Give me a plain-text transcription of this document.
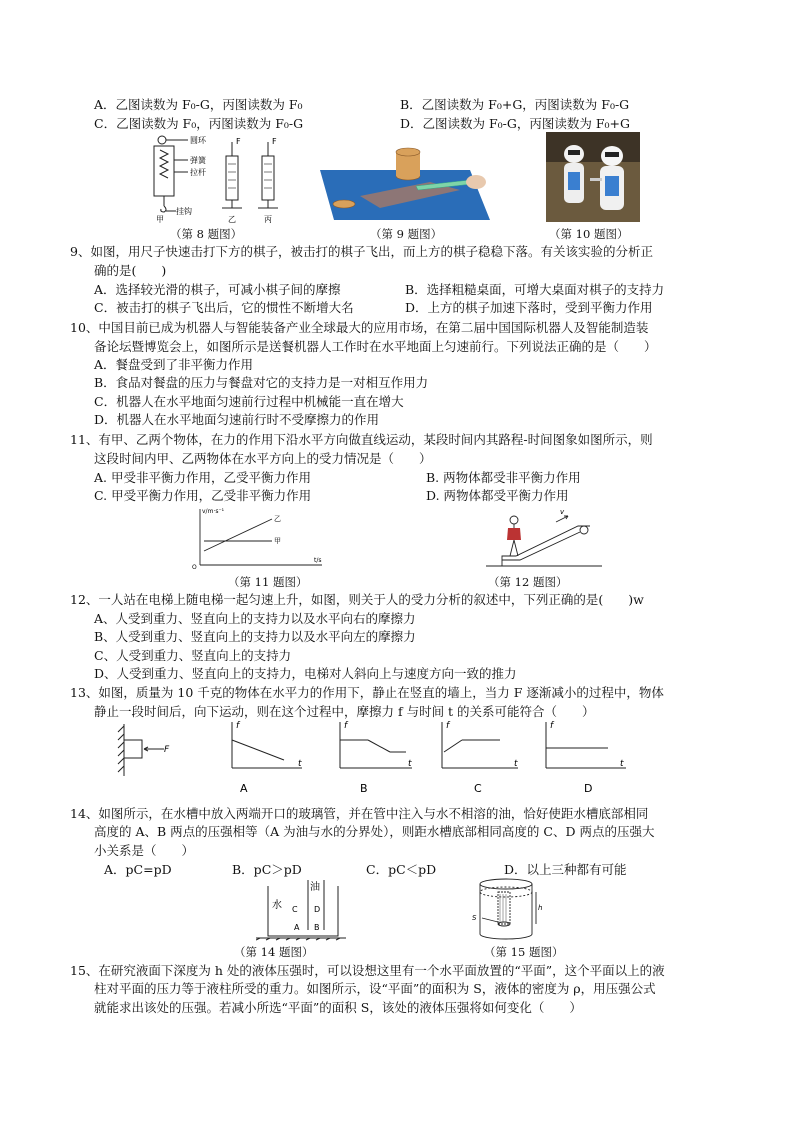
A．乙图读数为 F₀-G，丙图读数为 F₀	B．乙图读数为 F₀+G，丙图读数为 F₀-G
C．乙图读数为 F₀，丙图读数为 F₀-G	D．乙图读数为 F₀-G，丙图读数为 F₀+G
圆环
弹簧
拉杆
挂钩
甲	乙	丙
F	F
（第 8 题图）	（第 9 题图）	（第 10 题图）
9、如图，用尺子快速击打下方的棋子，被击打的棋子飞出，而上方的棋子稳稳下落。有关该实验的分析正
确的是(　　)
A．选择较光滑的棋子，可减小棋子间的摩擦	B．选择粗糙桌面，可增大桌面对棋子的支持力
C．被击打的棋子飞出后，它的惯性不断增大名	D．上方的棋子加速下落时，受到平衡力作用
10、中国目前已成为机器人与智能装备产业全球最大的应用市场，在第二届中国国际机器人及智能制造装
备论坛暨博览会上，如图所示是送餐机器人工作时在水平地面上匀速前行。下列说法正确的是（　　）
A．餐盘受到了非平衡力作用
B．食品对餐盘的压力与餐盘对它的支持力是一对相互作用力
C．机器人在水平地面匀速前行过程中机械能一直在增大
D．机器人在水平地面匀速前行时不受摩擦力的作用
11、有甲、乙两个物体，在力的作用下沿水平方向做直线运动，某段时间内其路程-时间图象如图所示，则
这段时间内甲、乙两物体在水平方向上的受力情况是（　　）
A. 甲受非平衡力作用，乙受平衡力作用	B. 两物体都受非平衡力作用
C. 甲受平衡力作用，乙受非平衡力作用	D. 两物体都受平衡力作用
v/m·s⁻¹
t/s
O
乙
甲
（第 11 题图）
v
（第 12 题图）
12、一人站在电梯上随电梯一起匀速上升，如图，则关于人的受力分析的叙述中，下列正确的是(　　)w
A、人受到重力、竖直向上的支持力以及水平向右的摩擦力
B、人受到重力、竖直向上的支持力以及水平向左的摩擦力
C、人受到重力、竖直向上的支持力
D、人受到重力、竖直向上的支持力，电梯对人斜向上与速度方向一致的推力
13、如图，质量为 10 千克的物体在水平力的作用下，静止在竖直的墙上，当力 F 逐渐减小的过程中，物体
静止一段时间后，向下运动，则在这个过程中，摩擦力 f 与时间 t 的关系可能符合（　　）
F
f
t
f
t
f
t
f
t
A	B	C	D
14、如图所示，在水槽中放入两端开口的玻璃管，并在管中注入与水不相溶的油，恰好使距水槽底部相同
高度的 A、B 两点的压强相等（A 为油与水的分界处），则距水槽底部相同高度的 C、D 两点的压强大
小关系是（　　）
A．pC=pD	B．pC＞pD	C．pC＜pD	D．以上三种都有可能
油
水 C D
A B
（第 14 题图）
S
h
（第 15 题图）
15、在研究液面下深度为 h 处的液体压强时，可以设想这里有一个水平面放置的“平面”，这个平面以上的液
柱对平面的压力等于液柱所受的重力。如图所示，设“平面”的面积为 S，液体的密度为 ρ，用压强公式
就能求出该处的压强。若减小所选“平面”的面积 S，该处的液体压强将如何变化（　　）
